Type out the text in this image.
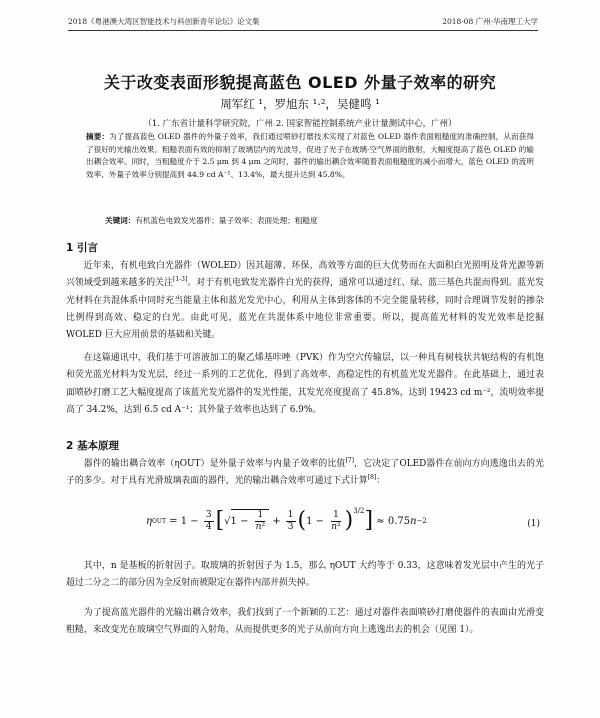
2018《粤港澳大湾区智能技术与科创新青年论坛》论文集	2018·08 广州·华南理工大学
关于改变表面形貌提高蓝色 OLED 外量子效率的研究
周军红 ¹，罗旭东 ¹·²，吴健鸣 ¹
（1. 广东省计量科学研究院，广州 2. 国家智能控制系统产业计量测试中心，广州）
摘要：为了提高蓝色 OLED 器件的外量子效率，我们通过喷砂打磨技术实现了对蓝色 OLED 器件表面粗糙度的准确控制，从而获得了很好的光输出效果。粗糙表面有效的抑制了玻璃层内的光波导，促进了光子在玻璃-空气界面的散射，大幅度提高了蓝色 OLED 的输出耦合效率。同时，当粗糙度介于 2.5 μm 到 4 μm 之间时，器件的输出耦合效率随着表面粗糙度的减小而增大，蓝色 OLED 的流明效率、外量子效率分别提高到 44.9 cd A⁻¹、13.4%，最大提升达到 45.8%。
关键词：有机蓝色电致发光器件；量子效率；表面处理；粗糙度
1 引言
近年来，有机电致白光器件（WOLED）因其超薄、环保、高效等方面的巨大优势而在大面积白光照明及背光源等新兴领域受到越来越多的关注[1-3]。对于有机电致发光器件白光的获得，通常可以通过红、绿、蓝三基色共混而得到。蓝光发光材料在共混体系中同时充当能量主体和蓝光发光中心，利用从主体到客体的不完全能量转移，同时合理调节发射的掺杂比例得到高效、稳定的白光。由此可见，蓝光在共混体系中地位非常重要。所以，提高蓝光材料的发光效率是挖掘 WOLED 巨大应用前景的基础和关键。
在这篇通讯中，我们基于可溶液加工的聚乙烯基咔唑（PVK）作为空穴传输层，以一种具有树枝状共轭结构的有机饱和荧光蓝光材料为发光层，经过一系列的工艺优化，得到了高效率、高稳定性的有机蓝光发光器件。在此基础上，通过表面喷砂打磨工艺大幅度提高了该蓝光发光器件的发光性能，其发光亮度提高了 45.8%，达到 19423 cd m⁻²，流明效率提高了 34.2%，达到 6.5 cd A⁻¹；其外量子效率也达到了 6.9%。
2 基本原理
器件的输出耦合效率（ηOUT）是外量子效率与内量子效率的比值[7]，它决定了OLED器件在前向方向逃逸出去的光子的多少。对于具有光滑玻璃表面的器件，光的输出耦合效率可通过下式计算[8]：
η OUT = $1 - \frac{3}{4}$ [ √ $1 - \frac{1}{\text{n²}} + \frac{1}{3}$ ( $1 - \frac{1}{\text{n²}} )^{3/2}$ ] ≈ 0.75 n −2	(1)
其中，n 是基板的折射因子。取玻璃的折射因子为 1.5，那么 ηOUT 大约等于 0.33，这意味着发光层中产生的光子超过二分之二的部分因为全反射而被限定在器件内部并损失掉。
为了提高蓝光器件的光输出耦合效率，我们找到了一个新颖的工艺：通过对器件表面喷砂打磨使器件的表面由光滑变粗糙，来改变光在玻璃空气界面的入射角，从而提供更多的光子从前向方向上逃逸出去的机会（见图 1）。
